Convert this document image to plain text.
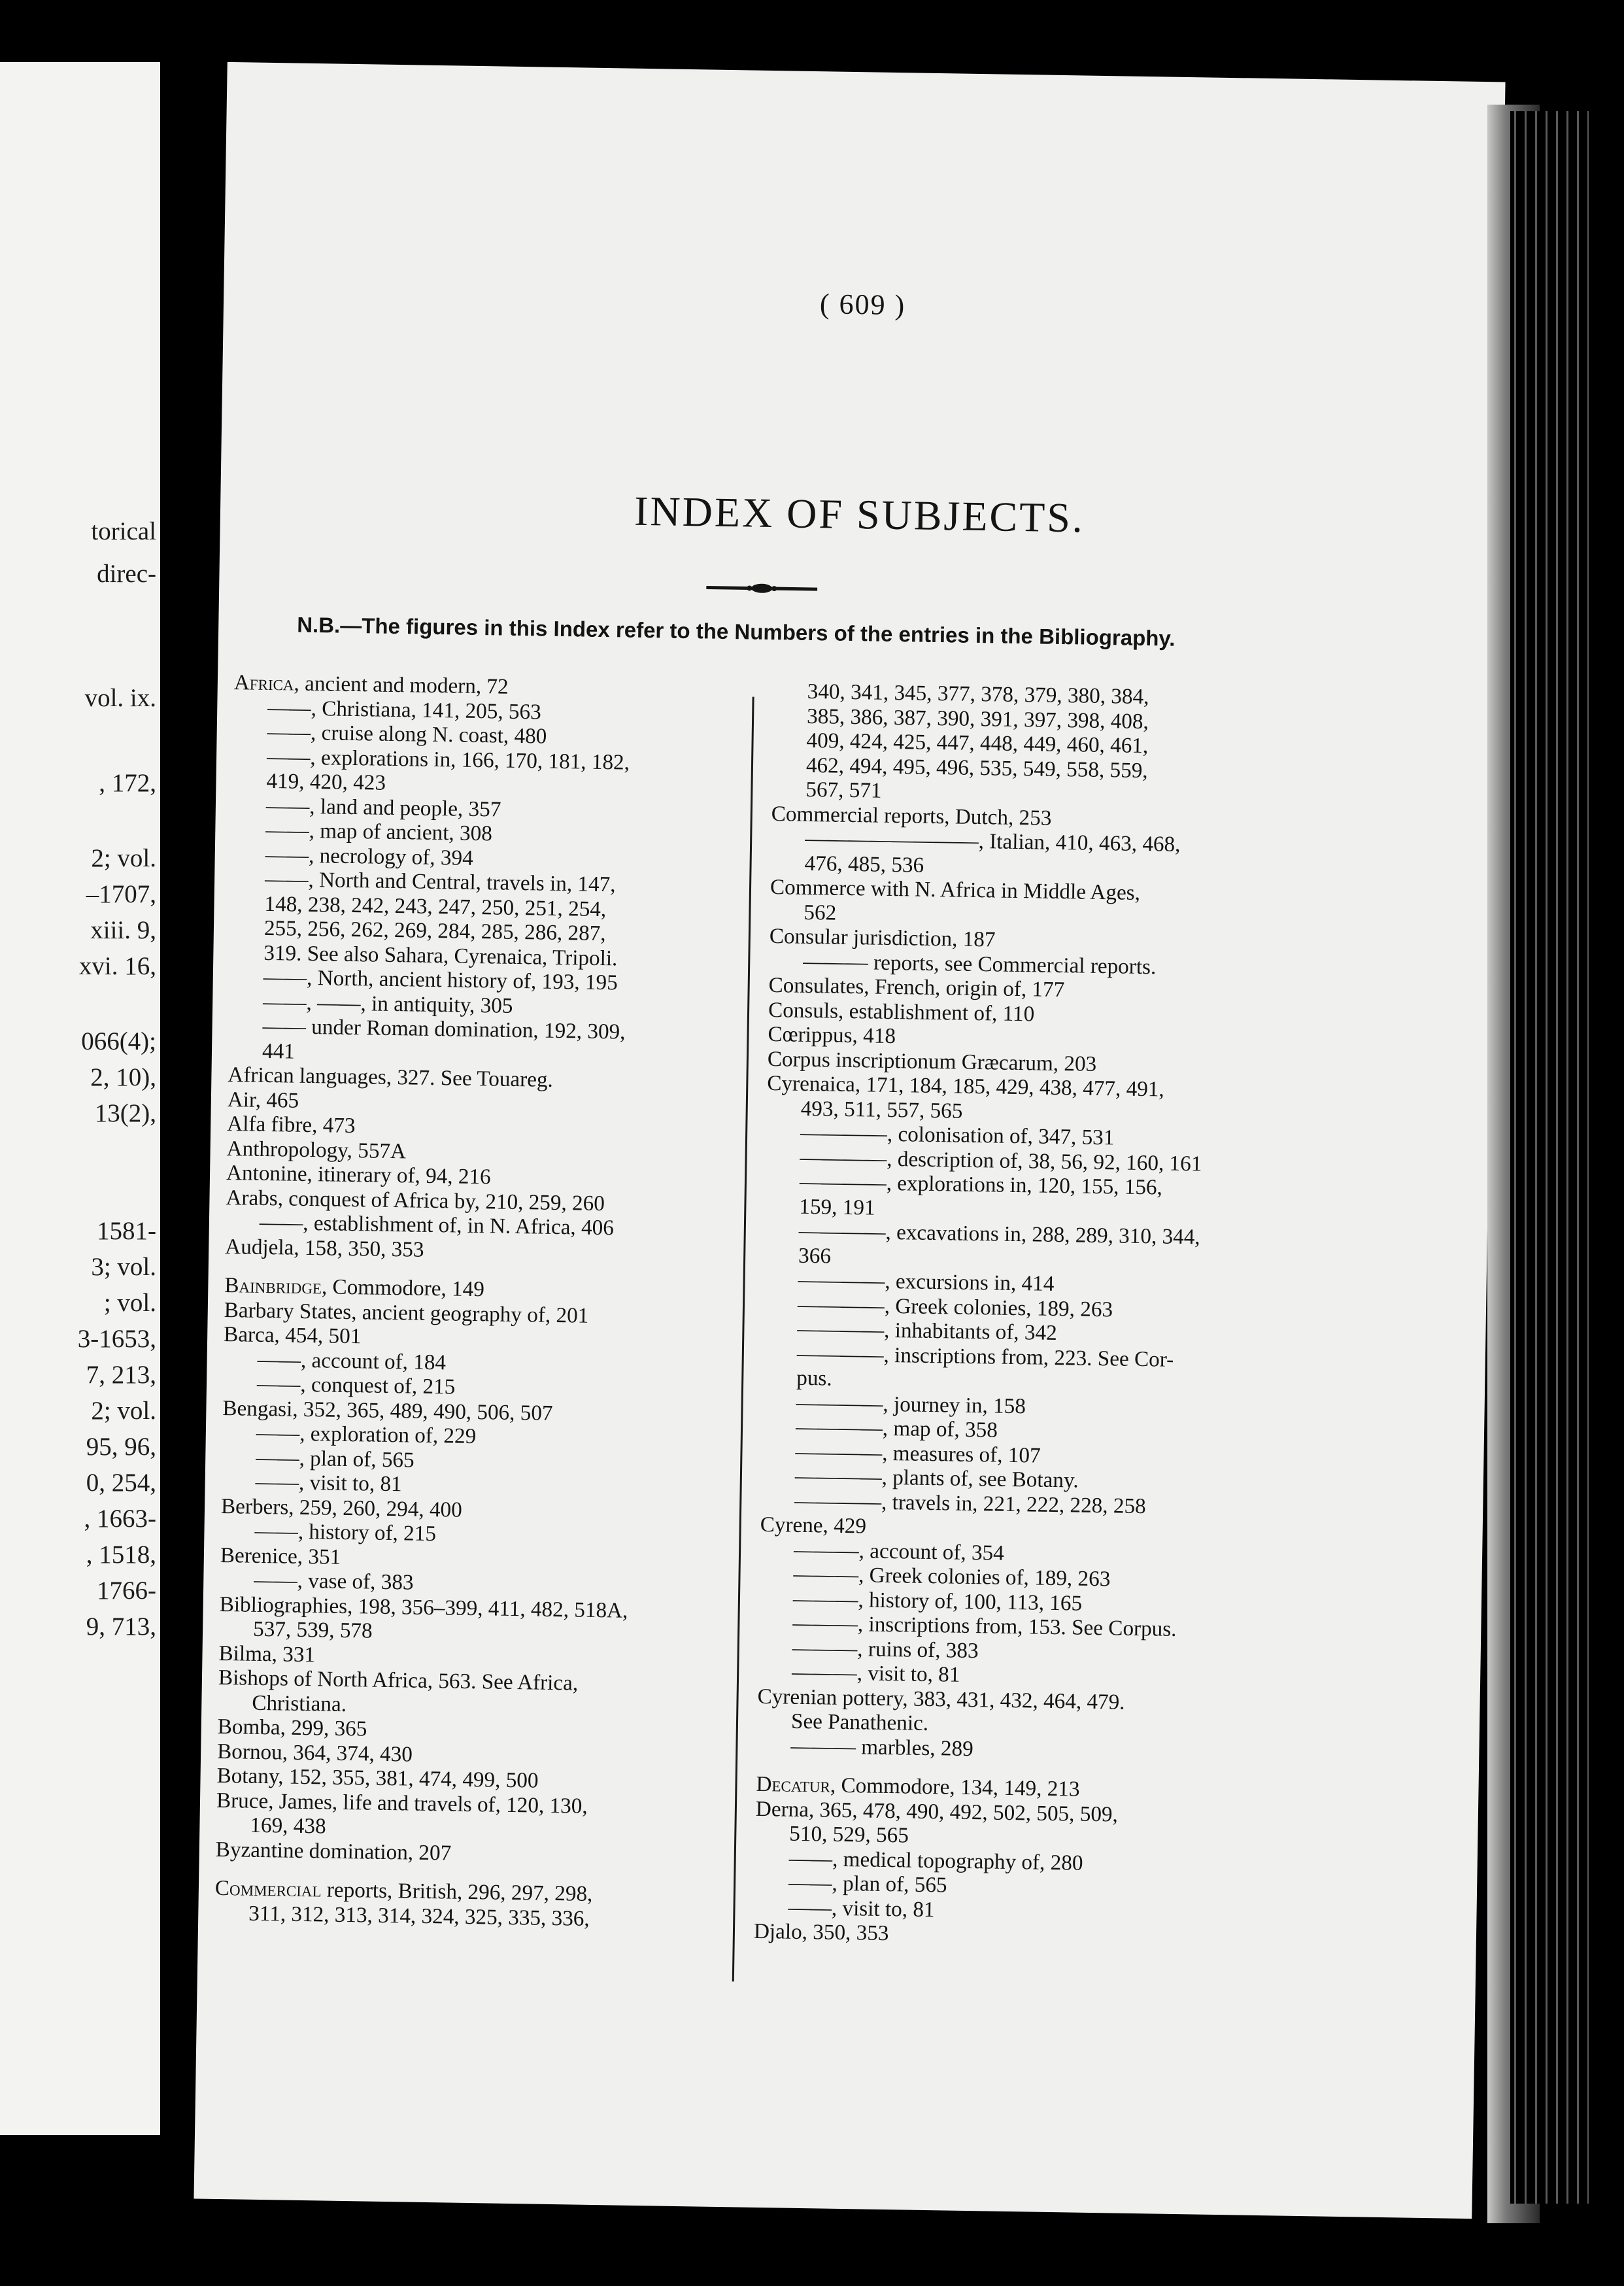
torical
direc-
vol. ix.
, 172,
2; vol.
–1707,
xiii. 9,
xvi. 16,
066(4);
2, 10),
13(2),
1581-
3; vol.
; vol.
3-1653,
7, 213,
2; vol.
95, 96,
0, 254,
, 1663-
, 1518,
1766-
9, 713,
( 609 )
INDEX OF SUBJECTS.
N.B.—The figures in this Index refer to the Numbers of the entries in the Bibliography.
Africa, ancient and modern, 72
——, Christiana, 141, 205, 563
——, cruise along N. coast, 480
——, explorations in, 166, 170, 181, 182,
419, 420, 423
——, land and people, 357
——, map of ancient, 308
——, necrology of, 394
——, North and Central, travels in, 147,
148, 238, 242, 243, 247, 250, 251, 254,
255, 256, 262, 269, 284, 285, 286, 287,
319. See also Sahara, Cyrenaica, Tripoli.
——, North, ancient history of, 193, 195
——, ——, in antiquity, 305
—— under Roman domination, 192, 309,
441
African languages, 327. See Touareg.
Air, 465
Alfa fibre, 473
Anthropology, 557A
Antonine, itinerary of, 94, 216
Arabs, conquest of Africa by, 210, 259, 260
——, establishment of, in N. Africa, 406
Audjela, 158, 350, 353
Bainbridge, Commodore, 149
Barbary States, ancient geography of, 201
Barca, 454, 501
——, account of, 184
——, conquest of, 215
Bengasi, 352, 365, 489, 490, 506, 507
——, exploration of, 229
——, plan of, 565
——, visit to, 81
Berbers, 259, 260, 294, 400
——, history of, 215
Berenice, 351
——, vase of, 383
Bibliographies, 198, 356–399, 411, 482, 518A,
537, 539, 578
Bilma, 331
Bishops of North Africa, 563. See Africa,
Christiana.
Bomba, 299, 365
Bornou, 364, 374, 430
Botany, 152, 355, 381, 474, 499, 500
Bruce, James, life and travels of, 120, 130,
169, 438
Byzantine domination, 207
Commercial reports, British, 296, 297, 298,
311, 312, 313, 314, 324, 325, 335, 336,
340, 341, 345, 377, 378, 379, 380, 384,
385, 386, 387, 390, 391, 397, 398, 408,
409, 424, 425, 447, 448, 449, 460, 461,
462, 494, 495, 496, 535, 549, 558, 559,
567, 571
Commercial reports, Dutch, 253
————————, Italian, 410, 463, 468,
476, 485, 536
Commerce with N. Africa in Middle Ages,
562
Consular jurisdiction, 187
——— reports, see Commercial reports.
Consulates, French, origin of, 177
Consuls, establishment of, 110
Cœrippus, 418
Corpus inscriptionum Græcarum, 203
Cyrenaica, 171, 184, 185, 429, 438, 477, 491,
493, 511, 557, 565
————, colonisation of, 347, 531
————, description of, 38, 56, 92, 160, 161
————, explorations in, 120, 155, 156,
159, 191
————, excavations in, 288, 289, 310, 344,
366
————, excursions in, 414
————, Greek colonies, 189, 263
————, inhabitants of, 342
————, inscriptions from, 223. See Cor-
pus.
————, journey in, 158
————, map of, 358
————, measures of, 107
————, plants of, see Botany.
————, travels in, 221, 222, 228, 258
Cyrene, 429
———, account of, 354
———, Greek colonies of, 189, 263
———, history of, 100, 113, 165
———, inscriptions from, 153. See Corpus.
———, ruins of, 383
———, visit to, 81
Cyrenian pottery, 383, 431, 432, 464, 479.
See Panathenic.
——— marbles, 289
Decatur, Commodore, 134, 149, 213
Derna, 365, 478, 490, 492, 502, 505, 509,
510, 529, 565
——, medical topography of, 280
——, plan of, 565
——, visit to, 81
Djalo, 350, 353
